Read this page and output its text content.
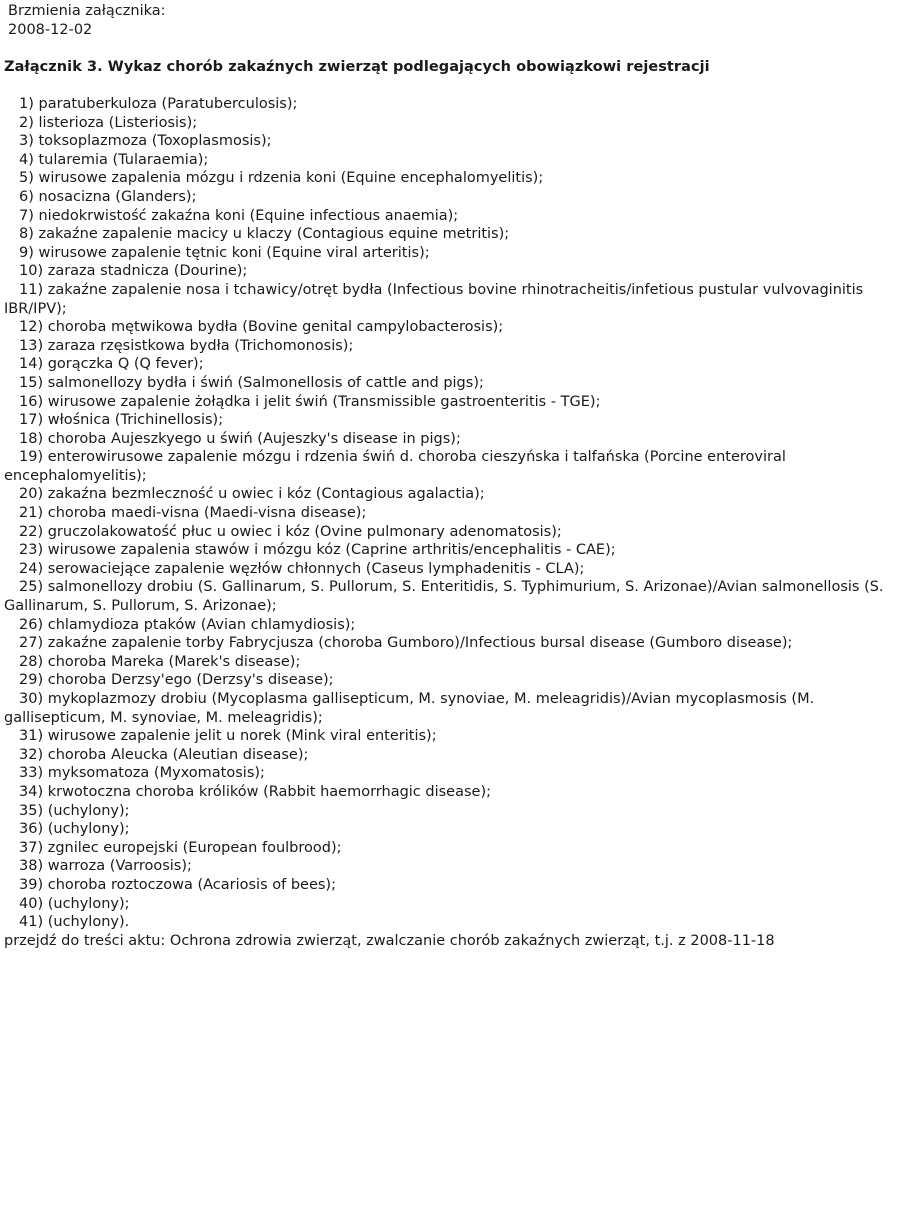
Brzmienia załącznika:
2008-12-02
Załącznik 3. Wykaz chorób zakaźnych zwierząt podlegających obowiązkowi rejestracji
1) paratuberkuloza (Paratuberculosis);
2) listerioza (Listeriosis);
3) toksoplazmoza (Toxoplasmosis);
4) tularemia (Tularaemia);
5) wirusowe zapalenia mózgu i rdzenia koni (Equine encephalomyelitis);
6) nosacizna (Glanders);
7) niedokrwistość zakaźna koni (Equine infectious anaemia);
8) zakaźne zapalenie macicy u klaczy (Contagious equine metritis);
9) wirusowe zapalenie tętnic koni (Equine viral arteritis);
10) zaraza stadnicza (Dourine);
11) zakaźne zapalenie nosa i tchawicy/otręt bydła (Infectious bovine rhinotracheitis/infetious pustular vulvovaginitis IBR/IPV);
12) choroba mętwikowa bydła (Bovine genital campylobacterosis);
13) zaraza rzęsistkowa bydła (Trichomonosis);
14) gorączka Q (Q fever);
15) salmonellozy bydła i świń (Salmonellosis of cattle and pigs);
16) wirusowe zapalenie żołądka i jelit świń (Transmissible gastroenteritis - TGE);
17) włośnica (Trichinellosis);
18) choroba Aujeszkyego u świń (Aujeszky's disease in pigs);
19) enterowirusowe zapalenie mózgu i rdzenia świń d. choroba cieszyńska i talfańska (Porcine enteroviral encephalomyelitis);
20) zakaźna bezmleczność u owiec i kóz (Contagious agalactia);
21) choroba maedi-visna (Maedi-visna disease);
22) gruczolakowatość płuc u owiec i kóz (Ovine pulmonary adenomatosis);
23) wirusowe zapalenia stawów i mózgu kóz (Caprine arthritis/encephalitis - CAE);
24) serowaciejące zapalenie węzłów chłonnych (Caseus lymphadenitis - CLA);
25) salmonellozy drobiu (S. Gallinarum, S. Pullorum, S. Enteritidis, S. Typhimurium, S. Arizonae)/Avian salmonellosis (S. Gallinarum, S. Pullorum, S. Arizonae);
26) chlamydioza ptaków (Avian chlamydiosis);
27) zakaźne zapalenie torby Fabrycjusza (choroba Gumboro)/Infectious bursal disease (Gumboro disease);
28) choroba Mareka (Marek's disease);
29) choroba Derzsy'ego (Derzsy's disease);
30) mykoplazmozy drobiu (Mycoplasma gallisepticum, M. synoviae, M. meleagridis)/Avian mycoplasmosis (M. gallisepticum, M. synoviae, M. meleagridis);
31) wirusowe zapalenie jelit u norek (Mink viral enteritis);
32) choroba Aleucka (Aleutian disease);
33) myksomatoza (Myxomatosis);
34) krwotoczna choroba królików (Rabbit haemorrhagic disease);
35) (uchylony);
36) (uchylony);
37) zgnilec europejski (European foulbrood);
38) warroza (Varroosis);
39) choroba roztoczowa (Acariosis of bees);
40) (uchylony);
41) (uchylony).
przejdź do treści aktu: Ochrona zdrowia zwierząt, zwalczanie chorób zakaźnych zwierząt, t.j. z 2008-11-18
